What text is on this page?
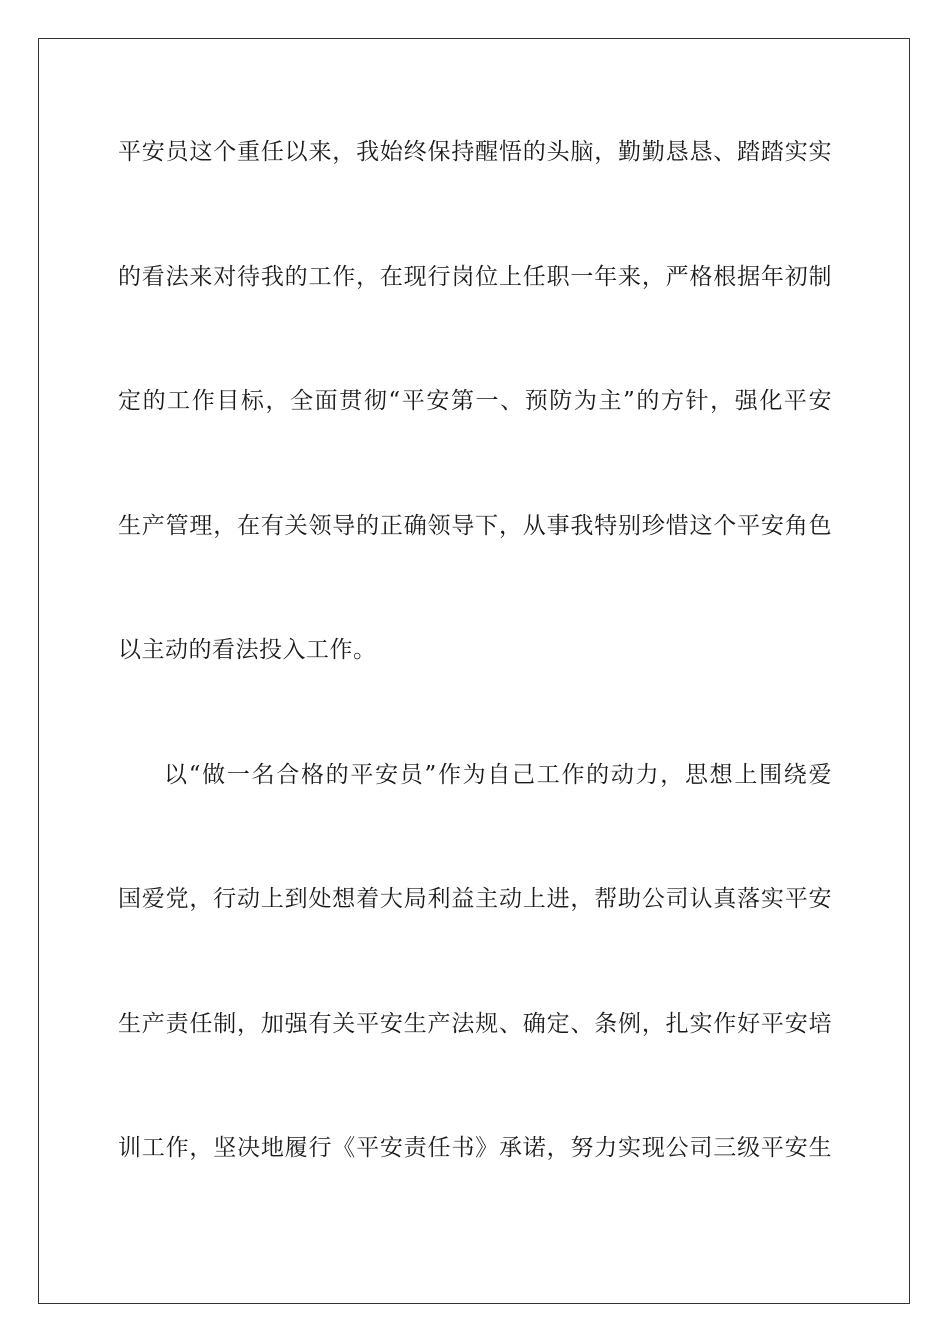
平安员这个重任以来，我始终保持醒悟的头脑，勤勤恳恳、踏踏实实
的看法来对待我的工作，在现行岗位上任职一年来，严格根据年初制
定的工作目标，全面贯彻“平安第一、预防为主”的方针，强化平安
生产管理，在有关领导的正确领导下，从事我特别珍惜这个平安角色
以主动的看法投入工作。
以“做一名合格的平安员”作为自己工作的动力，思想上围绕爱
国爱党，行动上到处想着大局利益主动上进，帮助公司认真落实平安
生产责任制，加强有关平安生产法规、确定、条例，扎实作好平安培
训工作，坚决地履行《平安责任书》承诺，努力实现公司三级平安生
